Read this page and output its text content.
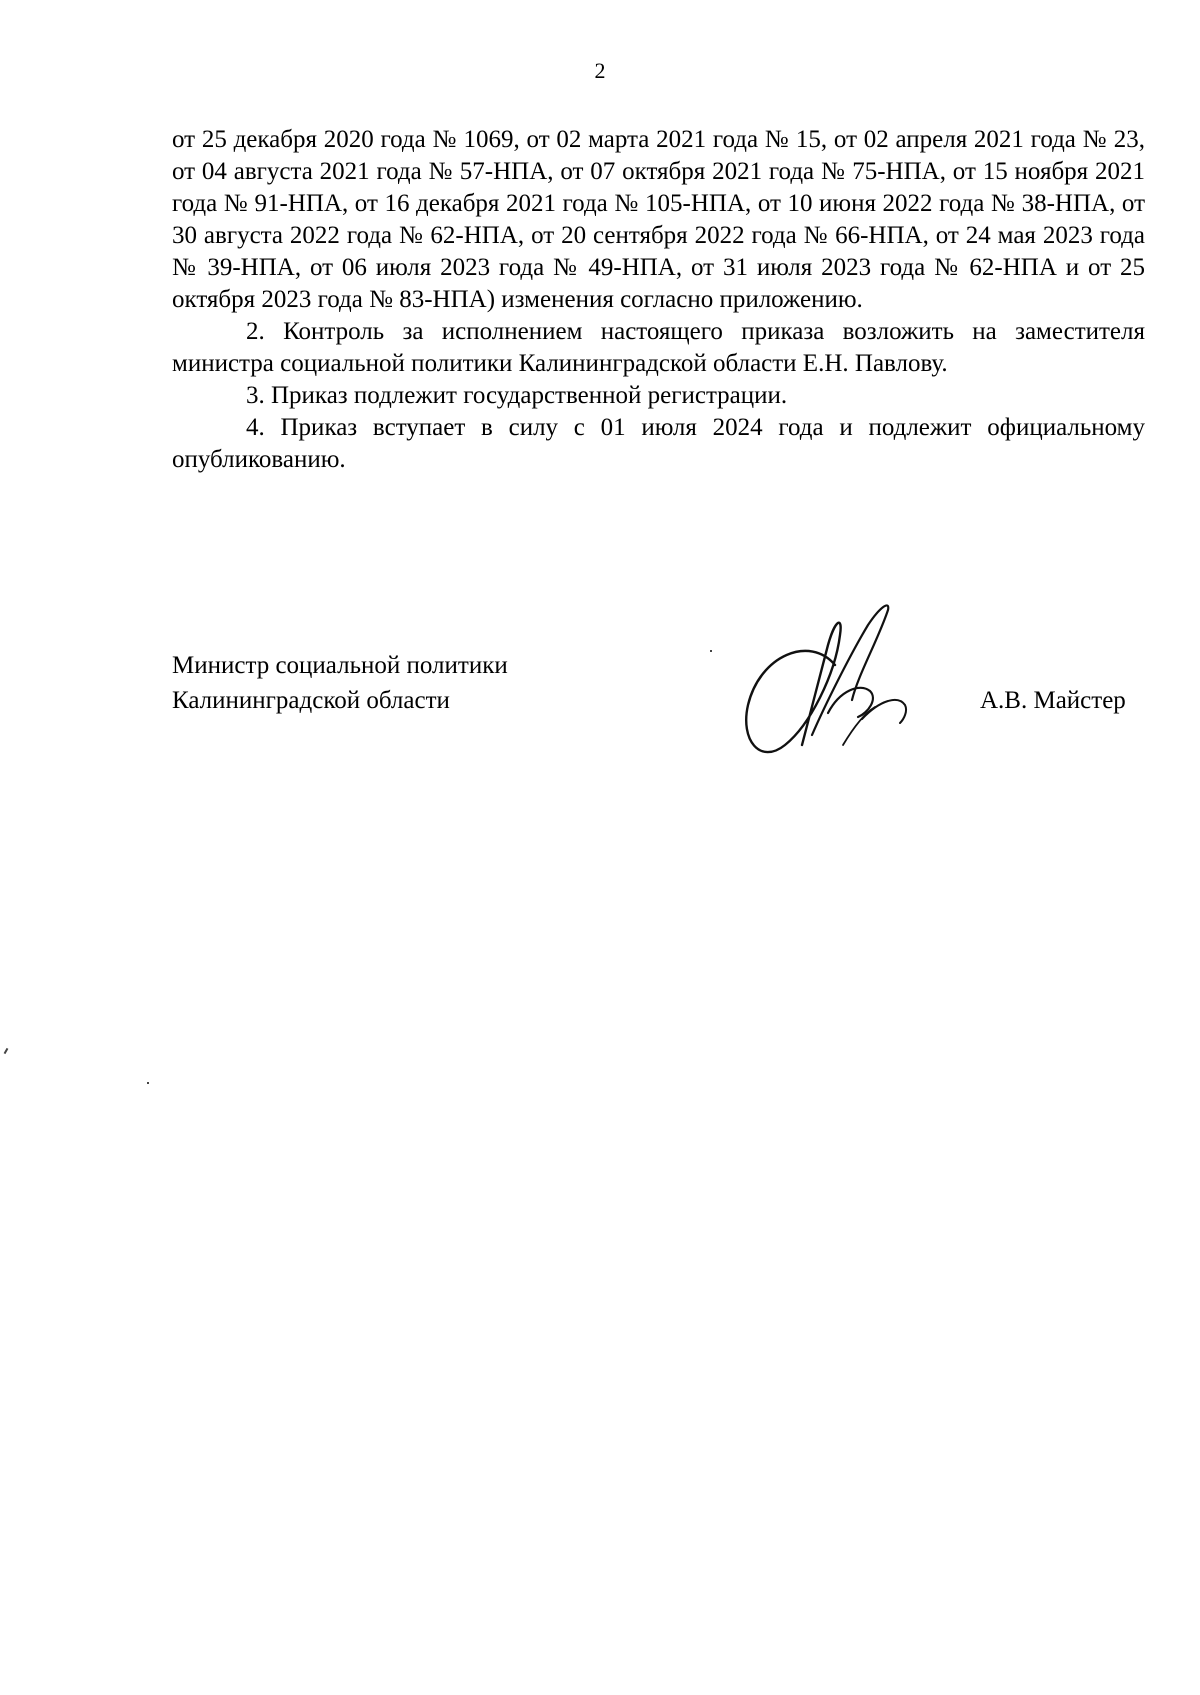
2

от 25 декабря 2020 года № 1069, от 02 марта 2021 года № 15, от 02 апреля 2021 года № 23, от 04 августа 2021 года № 57-НПА, от 07 октября 2021 года № 75-НПА, от 15 ноября 2021 года № 91-НПА, от 16 декабря 2021 года № 105-НПА, от 10 июня 2022 года № 38-НПА, от 30 августа 2022 года № 62-НПА, от 20 сентября 2022 года № 66-НПА, от 24 мая 2023 года № 39-НПА, от 06 июля 2023 года № 49-НПА, от 31 июля 2023 года № 62-НПА и от 25 октября 2023 года № 83-НПА) изменения согласно приложению.

2. Контроль за исполнением настоящего приказа возложить на заместителя министра социальной политики Калининградской области Е.Н. Павлову.

3. Приказ подлежит государственной регистрации.

4. Приказ вступает в силу с 01 июля 2024 года и подлежит официальному опубликованию.

Министр социальной политики
Калининградской области	А.В. Майстер
